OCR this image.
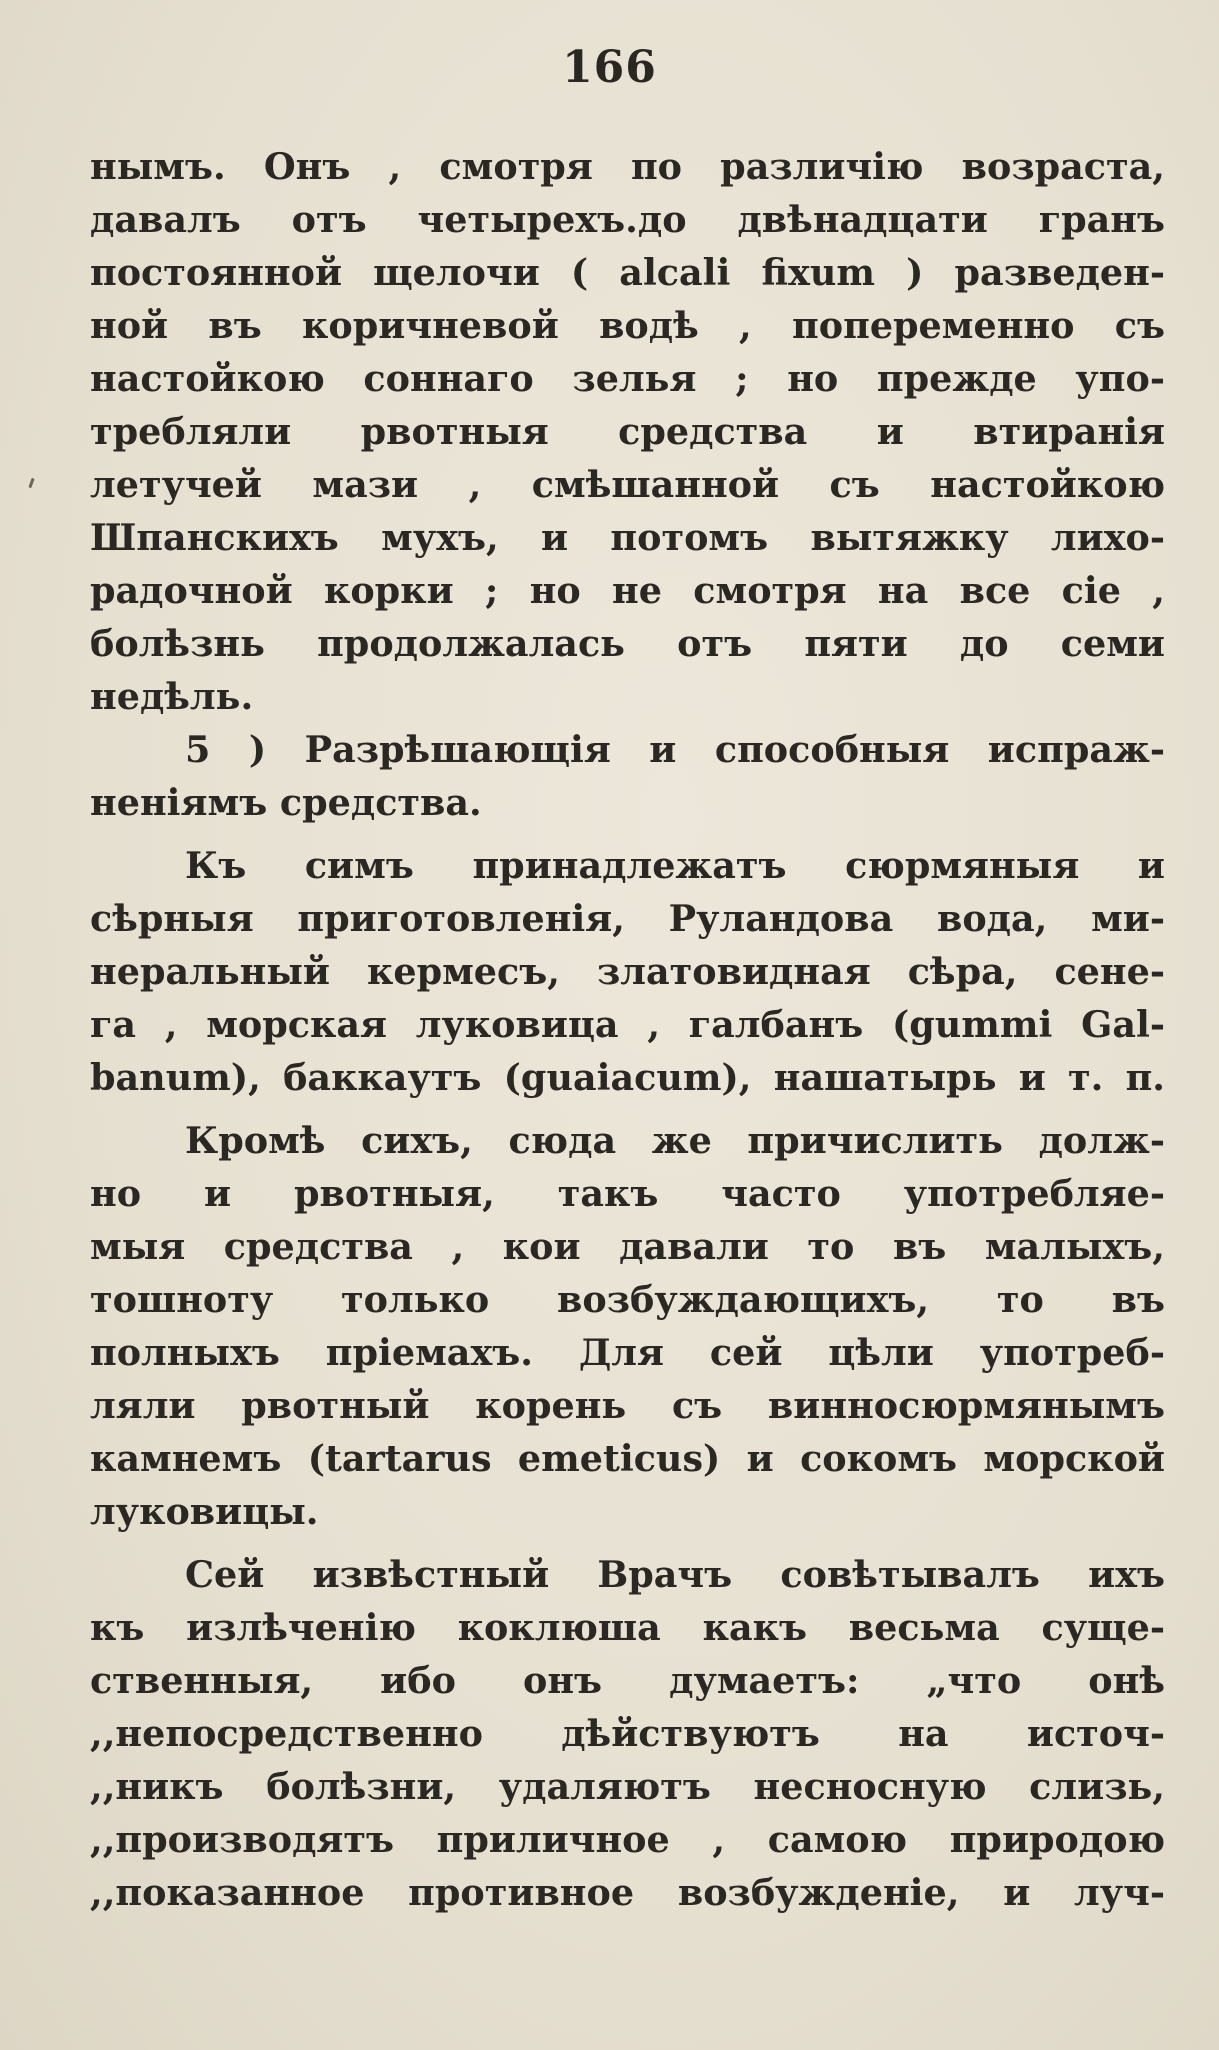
166
нымъ. Онъ , смотря по различію возраста,
давалъ отъ четырехъ.до двѣнадцати гранъ
постоянной щелочи ( alcali fixum ) разведен-
ной въ коричневой водѣ , попеременно съ
настойкою соннаго зелья ; но прежде упо-
требляли рвотныя средства и втиранія
летучей мази , смѣшанной съ настойкою
Шпанскихъ мухъ, и потомъ вытяжку лихо-
радочной корки ; но не смотря на все сіе ,
болѣзнь продолжалась отъ пяти до семи
недѣль.
5 ) Разрѣшающія и способныя испраж-
неніямъ средства.
Къ симъ принадлежатъ сюрмяныя и
сѣрныя приготовленія, Руландова вода, ми-
неральный кермесъ, златовидная сѣра, сене-
га , морская луковица , галбанъ (gummi Gal-
banum), баккаутъ (guaiacum), нашатырь и т. п.
Кромѣ сихъ, сюда же причислить долж-
но и рвотныя, такъ часто употребляе-
мыя средства , кои давали то въ малыхъ,
тошноту только возбуждающихъ, то въ
полныхъ пріемахъ. Для сей цѣли употреб-
ляли рвотный корень съ винносюрмянымъ
камнемъ (tartarus emeticus) и сокомъ морской
луковицы.
Сей извѣстный Врачъ совѣтывалъ ихъ
къ излѣченію коклюша какъ весьма суще-
ственныя, ибо онъ думаетъ: „что онѣ
,,непосредственно дѣйствуютъ на источ-
,,никъ болѣзни, удаляютъ несносную слизь,
,,производятъ приличное , самою природою
,,показанное противное возбужденіе, и луч-
